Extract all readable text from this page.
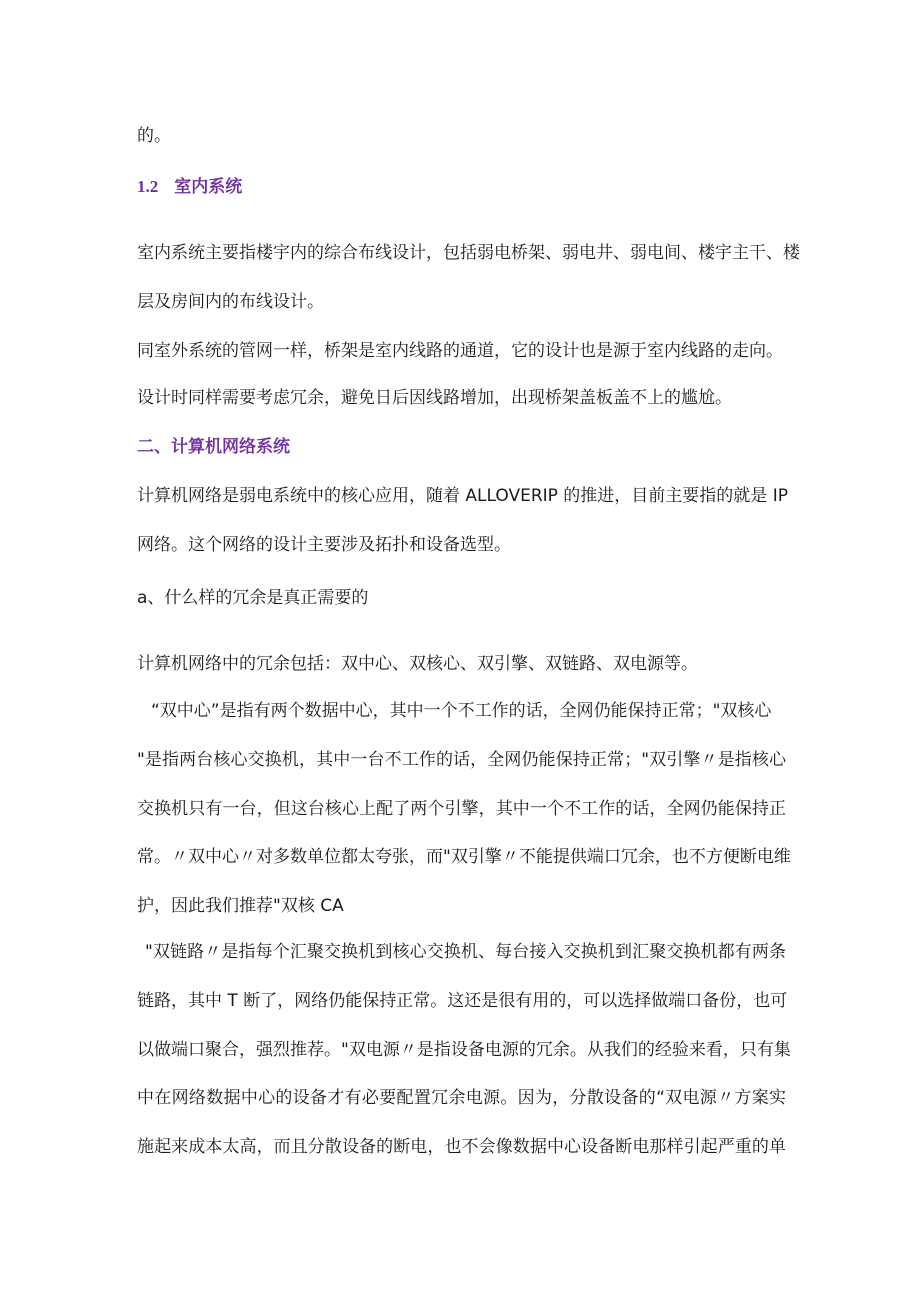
的。

1.2 室内系统

室内系统主要指楼宇内的综合布线设计，包括弱电桥架、弱电井、弱电间、楼宇主干、楼

层及房间内的布线设计。

同室外系统的管网一样，桥架是室内线路的通道，它的设计也是源于室内线路的走向。

设计时同样需要考虑冗余，避免日后因线路增加，出现桥架盖板盖不上的尴尬。

二、计算机网络系统

计算机网络是弱电系统中的核心应用，随着 ALLOVERIP 的推进，目前主要指的就是 IP

网络。这个网络的设计主要涉及拓扑和设备选型。

a、什么样的冗余是真正需要的

计算机网络中的冗余包括：双中心、双核心、双引擎、双链路、双电源等。

“双中心”是指有两个数据中心，其中一个不工作的话，全网仍能保持正常；"双核心

"是指两台核心交换机，其中一台不工作的话，全网仍能保持正常；"双引擎〃是指核心

交换机只有一台，但这台核心上配了两个引擎，其中一个不工作的话，全网仍能保持正

常。〃双中心〃对多数单位都太夸张，而"双引擎〃不能提供端口冗余，也不方便断电维

护，因此我们推荐"双核 CA

"双链路〃是指每个汇聚交换机到核心交换机、每台接入交换机到汇聚交换机都有两条

链路，其中 T 断了，网络仍能保持正常。这还是很有用的，可以选择做端口备份，也可

以做端口聚合，强烈推荐。"双电源〃是指设备电源的冗余。从我们的经验来看，只有集

中在网络数据中心的设备才有必要配置冗余电源。因为，分散设备的“双电源〃方案实

施起来成本太高，而且分散设备的断电，也不会像数据中心设备断电那样引起严重的单
